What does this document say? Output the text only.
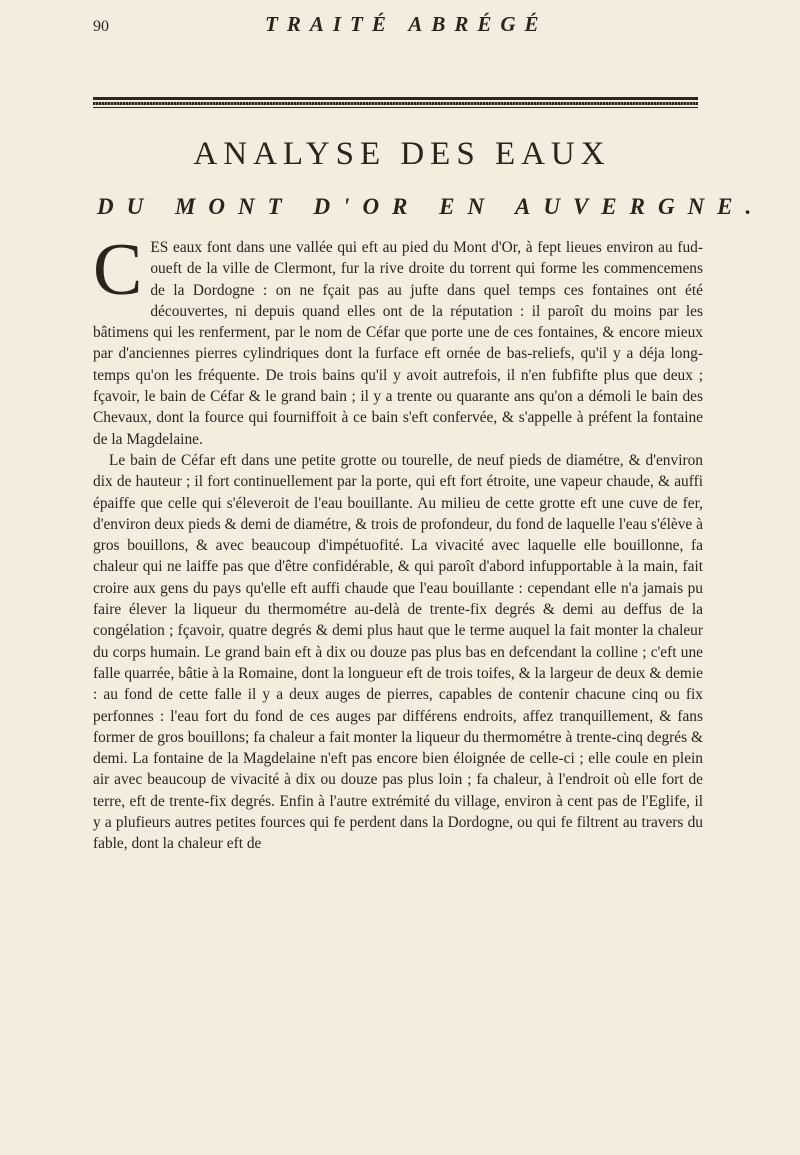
90	TRAITÉ ABRÉGÉ
ANALYSE DES EAUX
DU MONT D'OR EN AUVERGNE.

CES eaux font dans une vallée qui eft au pied du Mont d'Or, à fept lieues environ au fud-oueft de la ville de Clermont, fur la rive droite du torrent qui forme les commencemens de la Dordogne : on ne fçait pas au jufte dans quel temps ces fontaines ont été découvertes, ni depuis quand elles ont de la réputation : il paroît du moins par les bâtimens qui les renferment, par le nom de Céfar que porte une de ces fontaines, & encore mieux par d'anciennes pierres cylindriques dont la furface eft ornée de bas-reliefs, qu'il y a déja long-temps qu'on les fréquente. De trois bains qu'il y avoit autrefois, il n'en fubfifte plus que deux ; fçavoir, le bain de Céfar & le grand bain ; il y a trente ou quarante ans qu'on a démoli le bain des Chevaux, dont la fource qui fourniffoit à ce bain s'eft confervée, & s'appelle à préfent la fontaine de la Magdelaine.

Le bain de Céfar eft dans une petite grotte ou tourelle, de neuf pieds de diamétre, & d'environ dix de hauteur ; il fort continuellement par la porte, qui eft fort étroite, une vapeur chaude, & auffi épaiffe que celle qui s'éleveroit de l'eau bouillante. Au milieu de cette grotte eft une cuve de fer, d'environ deux pieds & demi de diamétre, & trois de profondeur, du fond de laquelle l'eau s'élève à gros bouillons, & avec beaucoup d'impétuofité. La vivacité avec laquelle elle bouillonne, fa chaleur qui ne laiffe pas que d'être confidérable, & qui paroît d'abord infupportable à la main, fait croire aux gens du pays qu'elle eft auffi chaude que l'eau bouillante : cependant elle n'a jamais pu faire élever la liqueur du thermométre au-delà de trente-fix degrés & demi au deffus de la congélation ; fçavoir, quatre degrés & demi plus haut que le terme auquel la fait monter la chaleur du corps humain. Le grand bain eft à dix ou douze pas plus bas en defcendant la colline ; c'eft une falle quarrée, bâtie à la Romaine, dont la longueur eft de trois toifes, & la largeur de deux & demie : au fond de cette falle il y a deux auges de pierres, capables de contenir chacune cinq ou fix perfonnes : l'eau fort du fond de ces auges par différens endroits, affez tranquillement, & fans former de gros bouillons; fa chaleur a fait monter la liqueur du thermométre à trente-cinq degrés & demi. La fontaine de la Magdelaine n'eft pas encore bien éloignée de celle-ci ; elle coule en plein air avec beaucoup de vivacité à dix ou douze pas plus loin ; fa chaleur, à l'endroit où elle fort de terre, eft de trente-fix degrés. Enfin à l'autre extrémité du village, environ à cent pas de l'Eglife, il y a plufieurs autres petites fources qui fe perdent dans la Dordogne, ou qui fe filtrent au travers du fable, dont la chaleur eft de
